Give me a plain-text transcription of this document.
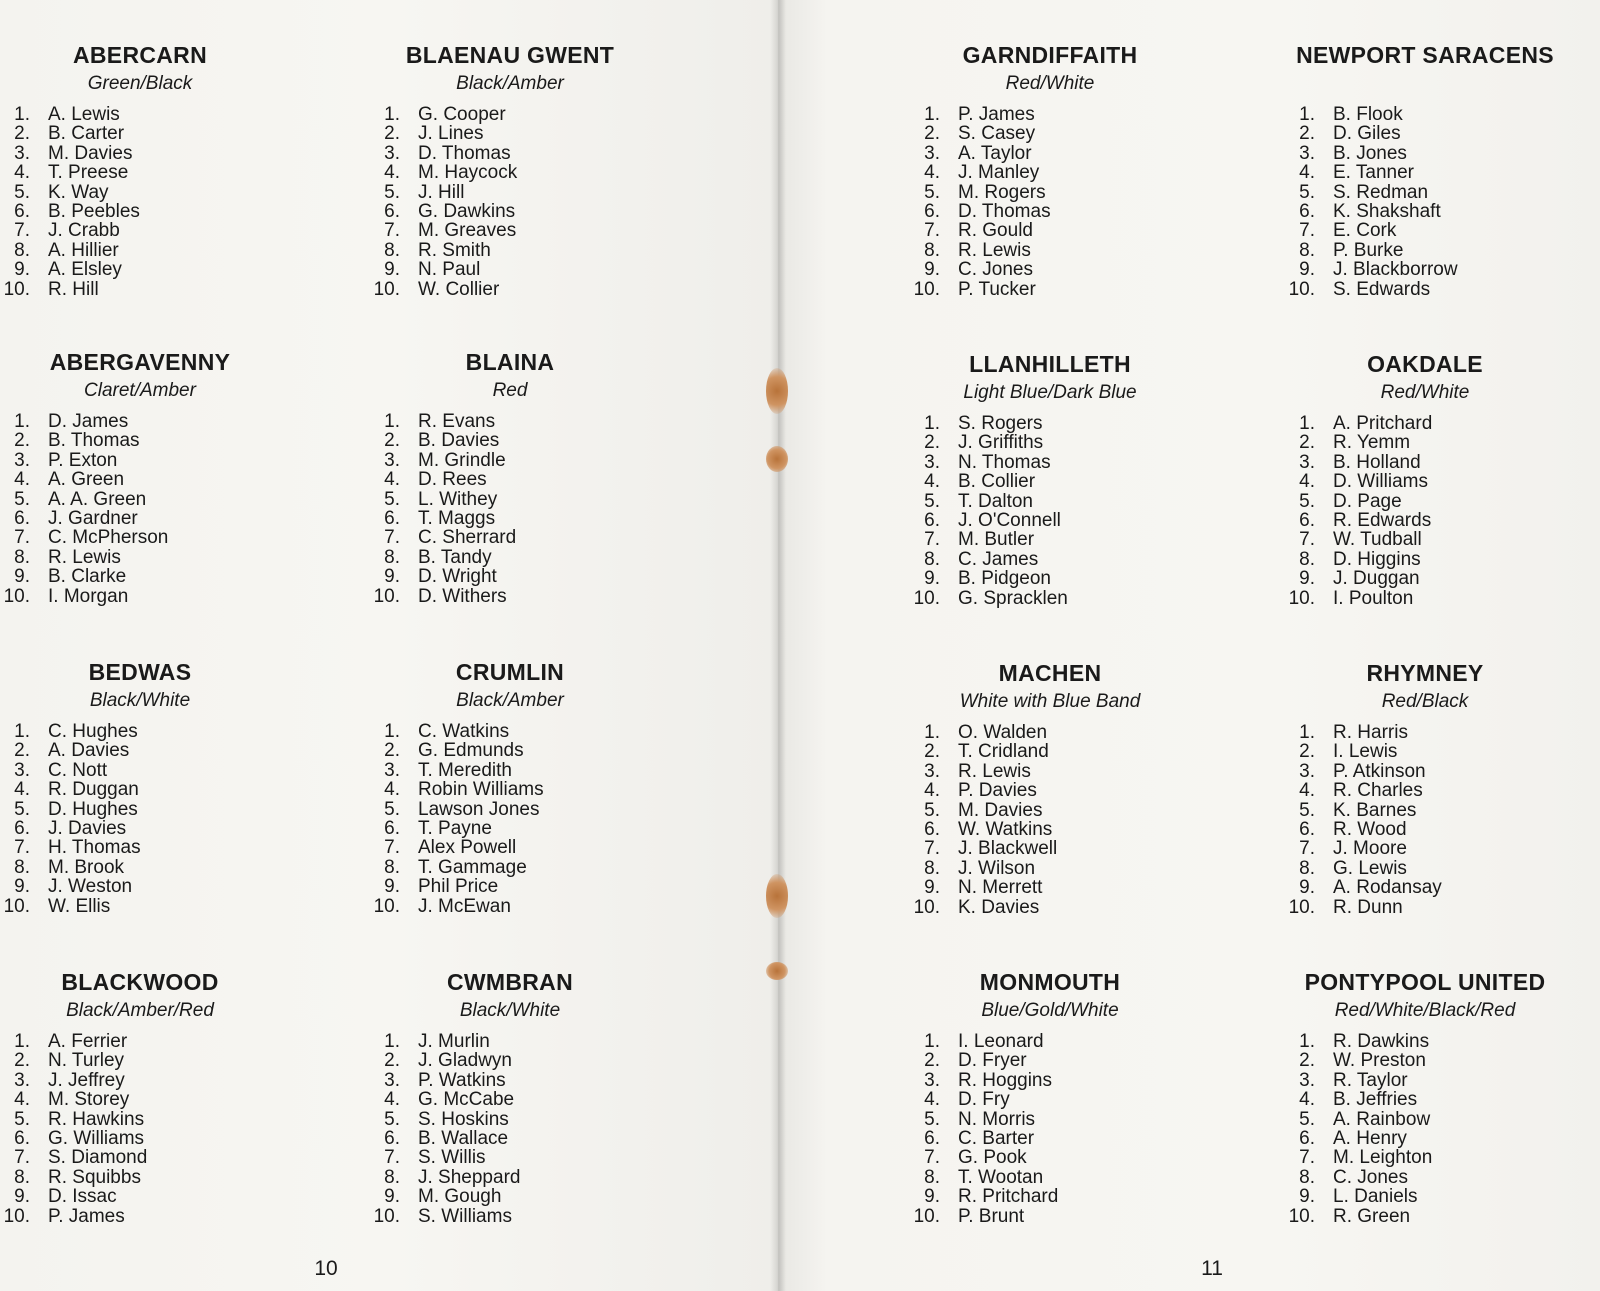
ABERCARN
Green/Black
1. A. Lewis
2. B. Carter
3. M. Davies
4. T. Preese
5. K. Way
6. B. Peebles
7. J. Crabb
8. A. Hillier
9. A. Elsley
10. R. Hill
BLAENAU GWENT
Black/Amber
1. G. Cooper
2. J. Lines
3. D. Thomas
4. M. Haycock
5. J. Hill
6. G. Dawkins
7. M. Greaves
8. R. Smith
9. N. Paul
10. W. Collier
ABERGAVENNY
Claret/Amber
1. D. James
2. B. Thomas
3. P. Exton
4. A. Green
5. A. A. Green
6. J. Gardner
7. C. McPherson
8. R. Lewis
9. B. Clarke
10. I. Morgan
BLAINA
Red
1. R. Evans
2. B. Davies
3. M. Grindle
4. D. Rees
5. L. Withey
6. T. Maggs
7. C. Sherrard
8. B. Tandy
9. D. Wright
10. D. Withers
BEDWAS
Black/White
1. C. Hughes
2. A. Davies
3. C. Nott
4. R. Duggan
5. D. Hughes
6. J. Davies
7. H. Thomas
8. M. Brook
9. J. Weston
10. W. Ellis
CRUMLIN
Black/Amber
1. C. Watkins
2. G. Edmunds
3. T. Meredith
4. Robin Williams
5. Lawson Jones
6. T. Payne
7. Alex Powell
8. T. Gammage
9. Phil Price
10. J. McEwan
BLACKWOOD
Black/Amber/Red
1. A. Ferrier
2. N. Turley
3. J. Jeffrey
4. M. Storey
5. R. Hawkins
6. G. Williams
7. S. Diamond
8. R. Squibbs
9. D. Issac
10. P. James
CWMBRAN
Black/White
1. J. Murlin
2. J. Gladwyn
3. P. Watkins
4. G. McCabe
5. S. Hoskins
6. B. Wallace
7. S. Willis
8. J. Sheppard
9. M. Gough
10. S. Williams
GARNDIFFAITH
Red/White
1. P. James
2. S. Casey
3. A. Taylor
4. J. Manley
5. M. Rogers
6. D. Thomas
7. R. Gould
8. R. Lewis
9. C. Jones
10. P. Tucker
NEWPORT SARACENS
1. B. Flook
2. D. Giles
3. B. Jones
4. E. Tanner
5. S. Redman
6. K. Shakshaft
7. E. Cork
8. P. Burke
9. J. Blackborrow
10. S. Edwards
LLANHILLETH
Light Blue/Dark Blue
1. S. Rogers
2. J. Griffiths
3. N. Thomas
4. B. Collier
5. T. Dalton
6. J. O'Connell
7. M. Butler
8. C. James
9. B. Pidgeon
10. G. Spracklen
OAKDALE
Red/White
1. A. Pritchard
2. R. Yemm
3. B. Holland
4. D. Williams
5. D. Page
6. R. Edwards
7. W. Tudball
8. D. Higgins
9. J. Duggan
10. I. Poulton
MACHEN
White with Blue Band
1. O. Walden
2. T. Cridland
3. R. Lewis
4. P. Davies
5. M. Davies
6. W. Watkins
7. J. Blackwell
8. J. Wilson
9. N. Merrett
10. K. Davies
RHYMNEY
Red/Black
1. R. Harris
2. I. Lewis
3. P. Atkinson
4. R. Charles
5. K. Barnes
6. R. Wood
7. J. Moore
8. G. Lewis
9. A. Rodansay
10. R. Dunn
MONMOUTH
Blue/Gold/White
1. I. Leonard
2. D. Fryer
3. R. Hoggins
4. D. Fry
5. N. Morris
6. C. Barter
7. G. Pook
8. T. Wootan
9. R. Pritchard
10. P. Brunt
PONTYPOOL UNITED
Red/White/Black/Red
1. R. Dawkins
2. W. Preston
3. R. Taylor
4. B. Jeffries
5. A. Rainbow
6. A. Henry
7. M. Leighton
8. C. Jones
9. L. Daniels
10. R. Green
10	11
